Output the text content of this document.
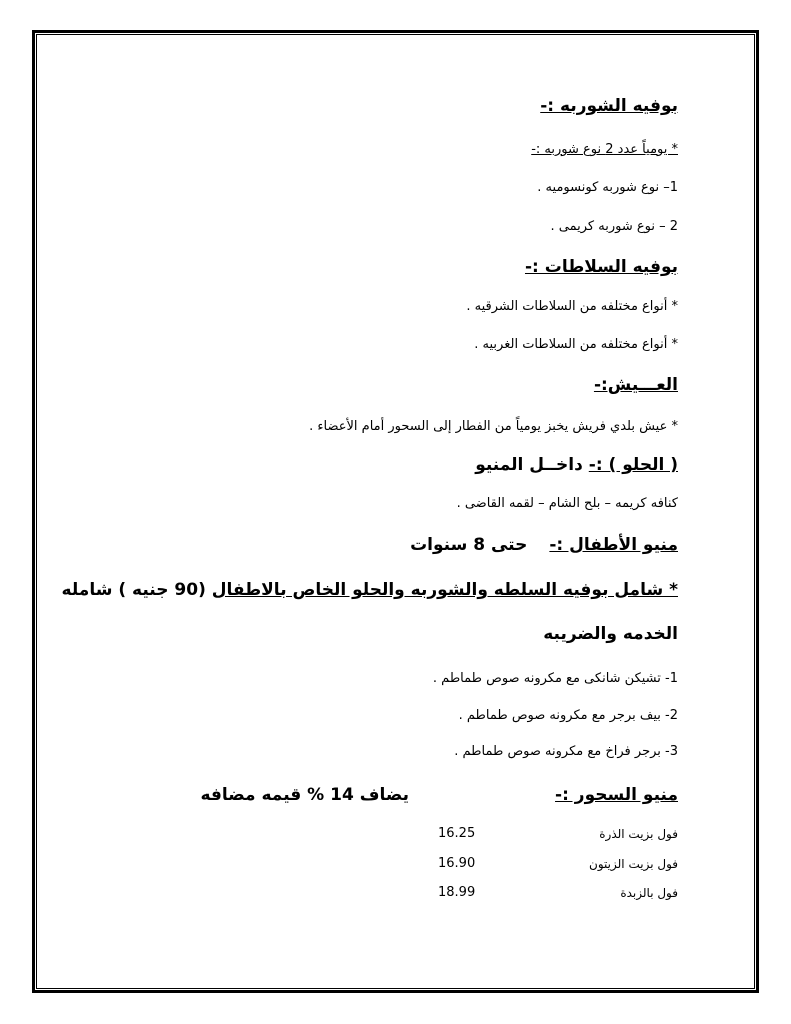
بوفيه الشوربه :-
* يومياً عدد 2 نوع شوربه :-
1– نوع شوربه كونسوميه .
2 – نوع شوربه كريمى .
بوفيه السلاطات :-
* أنواع مختلفه من السلاطات الشرقيه .
* أنواع مختلفه من السلاطات الغربيه .
العـــيش:-
* عيش بلدي فريش يخبز يومياً من الفطار إلى السحور أمام الأعضاء .
( الحلو ) :- داخــل المنيو
كنافه كريمه – بلح الشام – لقمه القاضى .
منيو الأطفال :-حتى 8 سنوات
* شامل بوفيه السلطه والشوربه والحلو الخاص بالاطفال (90 جنيه ) شامله
الخدمه والضريبه
1- تشيكن شانكى مع مكرونه صوص طماطم .
2- بيف برجر مع مكرونه صوص طماطم .
3- برجر فراخ مع مكرونه صوص طماطم .
منيو السحور :-
يضاف 14 % قيمه مضافه
فول بزيت الذرة
16.25
فول بزيت الزيتون
16.90
فول بالزبدة
18.99
